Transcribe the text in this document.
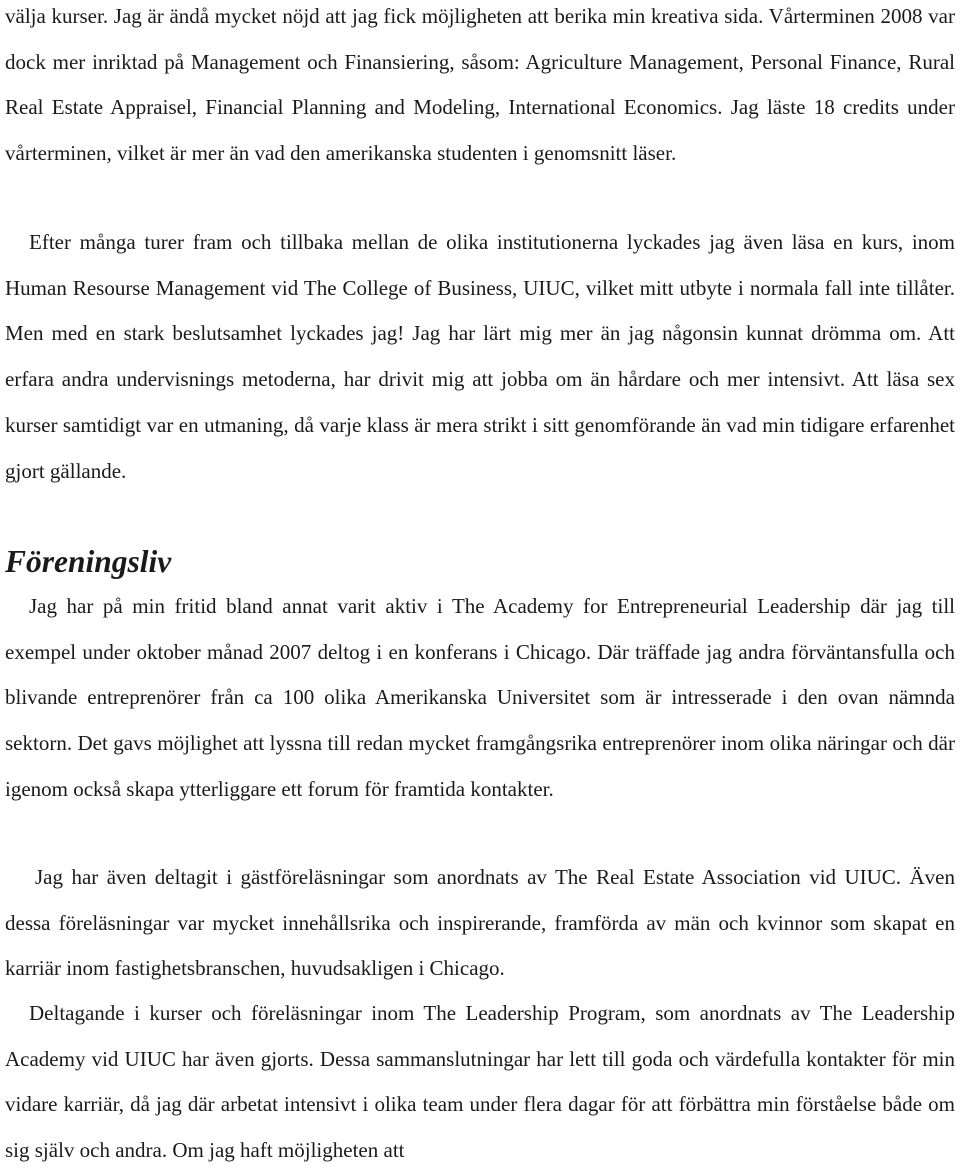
välja kurser. Jag är ändå mycket nöjd att jag fick möjligheten att berika min kreativa sida. Vårterminen 2008 var dock mer inriktad på Management och Finansiering, såsom: Agriculture Management, Personal Finance, Rural Real Estate Appraisel, Financial Planning and Modeling, International Economics. Jag läste 18 credits under vårterminen, vilket är mer än vad den amerikanska studenten i genomsnitt läser.

Efter många turer fram och tillbaka mellan de olika institutionerna lyckades jag även läsa en kurs, inom Human Resourse Management vid The College of Business, UIUC, vilket mitt utbyte i normala fall inte tillåter. Men med en stark beslutsamhet lyckades jag! Jag har lärt mig mer än jag någonsin kunnat drömma om. Att erfara andra undervisnings metoderna, har drivit mig att jobba om än hårdare och mer intensivt. Att läsa sex kurser samtidigt var en utmaning, då varje klass är mera strikt i sitt genomförande än vad min tidigare erfarenhet gjort gällande.

Föreningsliv

Jag har på min fritid bland annat varit aktiv i The Academy for Entrepreneurial Leadership där jag till exempel under oktober månad 2007 deltog i en konferans i Chicago. Där träffade jag andra förväntansfulla och blivande entreprenörer från ca 100 olika Amerikanska Universitet som är intresserade i den ovan nämnda sektorn. Det gavs möjlighet att lyssna till redan mycket framgångsrika entreprenörer inom olika näringar och där igenom också skapa ytterliggare ett forum för framtida kontakter.

Jag har även deltagit i gästföreläsningar som anordnats av The Real Estate Association vid UIUC. Även dessa föreläsningar var mycket innehållsrika och inspirerande, framförda av män och kvinnor som skapat en karriär inom fastighetsbranschen, huvudsakligen i Chicago.

Deltagande i kurser och föreläsningar inom The Leadership Program, som anordnats av The Leadership Academy vid UIUC har även gjorts. Dessa sammanslutningar har lett till goda och värdefulla kontakter för min vidare karriär, då jag där arbetat intensivt i olika team under flera dagar för att förbättra min förståelse både om sig själv och andra. Om jag haft möjligheten att
